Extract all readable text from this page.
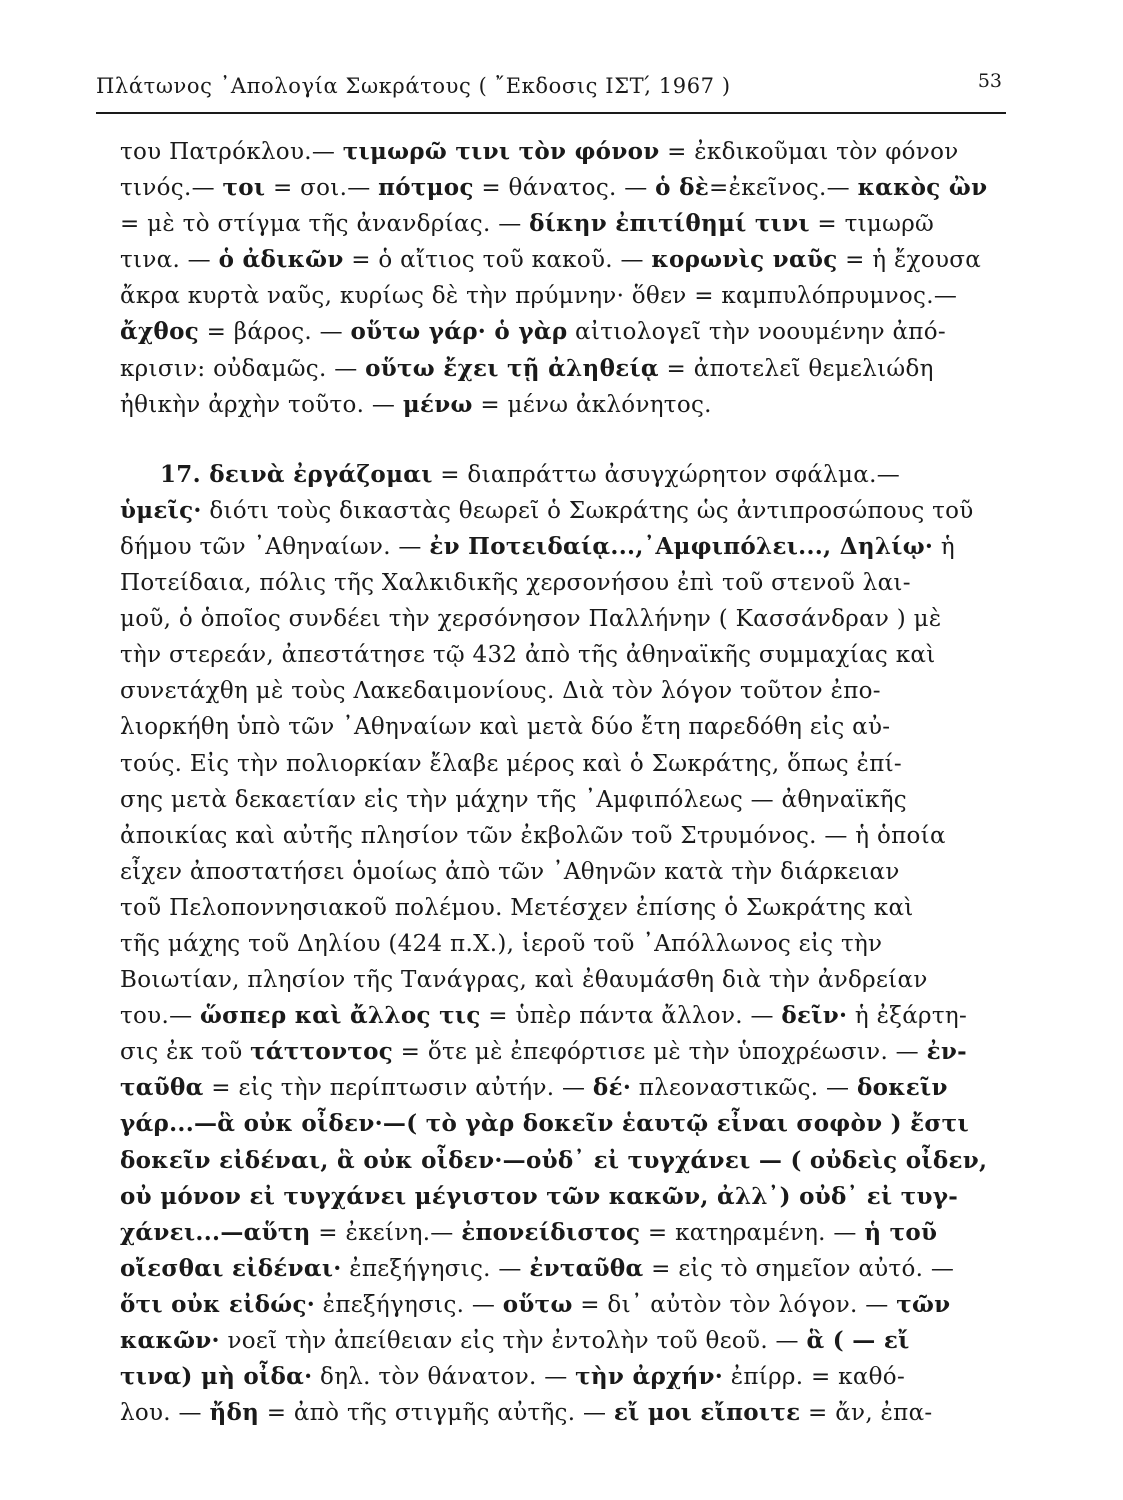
Πλάτωνος ᾿Απολογία Σωκράτους ( ῎Εκδοσις ΙΣΤ,́ 1967 )	53
του Πατρόκλου.— τιμωρῶ τινι τὸν φόνον = ἐκδικοῦμαι τὸν φόνον
τινός.— τοι = σοι.— πότμος = θάνατος. — ὁ δὲ=ἐκεῖνος.— κακὸς ὢν
= μὲ τὸ στίγμα τῆς ἀνανδρίας. — δίκην ἐπιτίθημί τινι = τιμωρῶ
τινα. — ὁ ἀδικῶν = ὁ αἴτιος τοῦ κακοῦ. — κορωνὶς ναῦς = ἡ ἔχουσα
ἄκρα κυρτὰ ναῦς, κυρίως δὲ τὴν πρύμνην· ὅθεν = καμπυλόπρυμνος.—
ἄχθος = βάρος. — οὕτω γάρ· ὁ γὰρ αἰτιολογεῖ τὴν νοουμένην ἀπό-
κρισιν: οὐδαμῶς. — οὕτω ἔχει τῇ ἀληθείᾳ = ἀποτελεῖ θεμελιώδη
ἠθικὴν ἀρχὴν τοῦτο. — μένω = μένω ἀκλόνητος.
17. δεινὰ ἐργάζομαι = διαπράττω ἀσυγχώρητον σφάλμα.—
ὑμεῖς· διότι τοὺς δικαστὰς θεωρεῖ ὁ Σωκράτης ὡς ἀντιπροσώπους τοῦ
δήμου τῶν ᾿Αθηναίων. — ἐν Ποτειδαίᾳ...,᾿Αμφιπόλει..., Δηλίῳ· ἡ
Ποτείδαια, πόλις τῆς Χαλκιδικῆς χερσονήσου ἐπὶ τοῦ στενοῦ λαι-
μοῦ, ὁ ὁποῖος συνδέει τὴν χερσόνησον Παλλήνην ( Κασσάνδραν ) μὲ
τὴν στερεάν, ἀπεστάτησε τῷ 432 ἀπὸ τῆς ἀθηναϊκῆς συμμαχίας καὶ
συνετάχθη μὲ τοὺς Λακεδαιμονίους. Διὰ τὸν λόγον τοῦτον ἐπο-
λιορκήθη ὑπὸ τῶν ᾿Αθηναίων καὶ μετὰ δύο ἔτη παρεδόθη εἰς αὐ-
τούς. Εἰς τὴν πολιορκίαν ἔλαβε μέρος καὶ ὁ Σωκράτης, ὅπως ἐπί-
σης μετὰ δεκαετίαν εἰς τὴν μάχην τῆς ᾿Αμφιπόλεως — ἀθηναϊκῆς
ἀποικίας καὶ αὐτῆς πλησίον τῶν ἐκβολῶν τοῦ Στρυμόνος. — ἡ ὁποία
εἶχεν ἀποστατήσει ὁμοίως ἀπὸ τῶν ᾿Αθηνῶν κατὰ τὴν διάρκειαν
τοῦ Πελοποννησιακοῦ πολέμου. Μετέσχεν ἐπίσης ὁ Σωκράτης καὶ
τῆς μάχης τοῦ Δηλίου (424 π.Χ.), ἱεροῦ τοῦ ᾿Απόλλωνος εἰς τὴν
Βοιωτίαν, πλησίον τῆς Τανάγρας, καὶ ἐθαυμάσθη διὰ τὴν ἀνδρείαν
του.— ὥσπερ καὶ ἄλλος τις = ὑπὲρ πάντα ἄλλον. — δεῖν· ἡ ἐξάρτη-
σις ἐκ τοῦ τάττοντος = ὅτε μὲ ἐπεφόρτισε μὲ τὴν ὑποχρέωσιν. — ἐν-
ταῦθα = εἰς τὴν περίπτωσιν αὐτήν. — δέ· πλεοναστικῶς. — δοκεῖν
γάρ...—ἃ οὐκ οἶδεν·—( τὸ γὰρ δοκεῖν ἑαυτῷ εἶναι σοφὸν ) ἔστι
δοκεῖν εἰδέναι, ἃ οὐκ οἶδεν·—οὐδ᾿ εἰ τυγχάνει — ( οὐδεὶς οἶδεν,
οὐ μόνον εἰ τυγχάνει μέγιστον τῶν κακῶν, ἀλλ᾿) οὐδ᾿ εἰ τυγ-
χάνει...—αὕτη = ἐκείνη.— ἐπονείδιστος = κατηραμένη. — ἡ τοῦ
οἴεσθαι εἰδέναι· ἐπεξήγησις. — ἐνταῦθα = εἰς τὸ σημεῖον αὐτό. —
ὅτι οὐκ εἰδώς· ἐπεξήγησις. — οὕτω = δι᾿ αὐτὸν τὸν λόγον. — τῶν
κακῶν· νοεῖ τὴν ἀπείθειαν εἰς τὴν ἐντολὴν τοῦ θεοῦ. — ἃ ( — εἴ
τινα) μὴ οἶδα· δηλ. τὸν θάνατον. — τὴν ἀρχήν· ἐπίρρ. = καθό-
λου. — ἤδη = ἀπὸ τῆς στιγμῆς αὐτῆς. — εἴ μοι εἴποιτε = ἄν, ἐπα-
